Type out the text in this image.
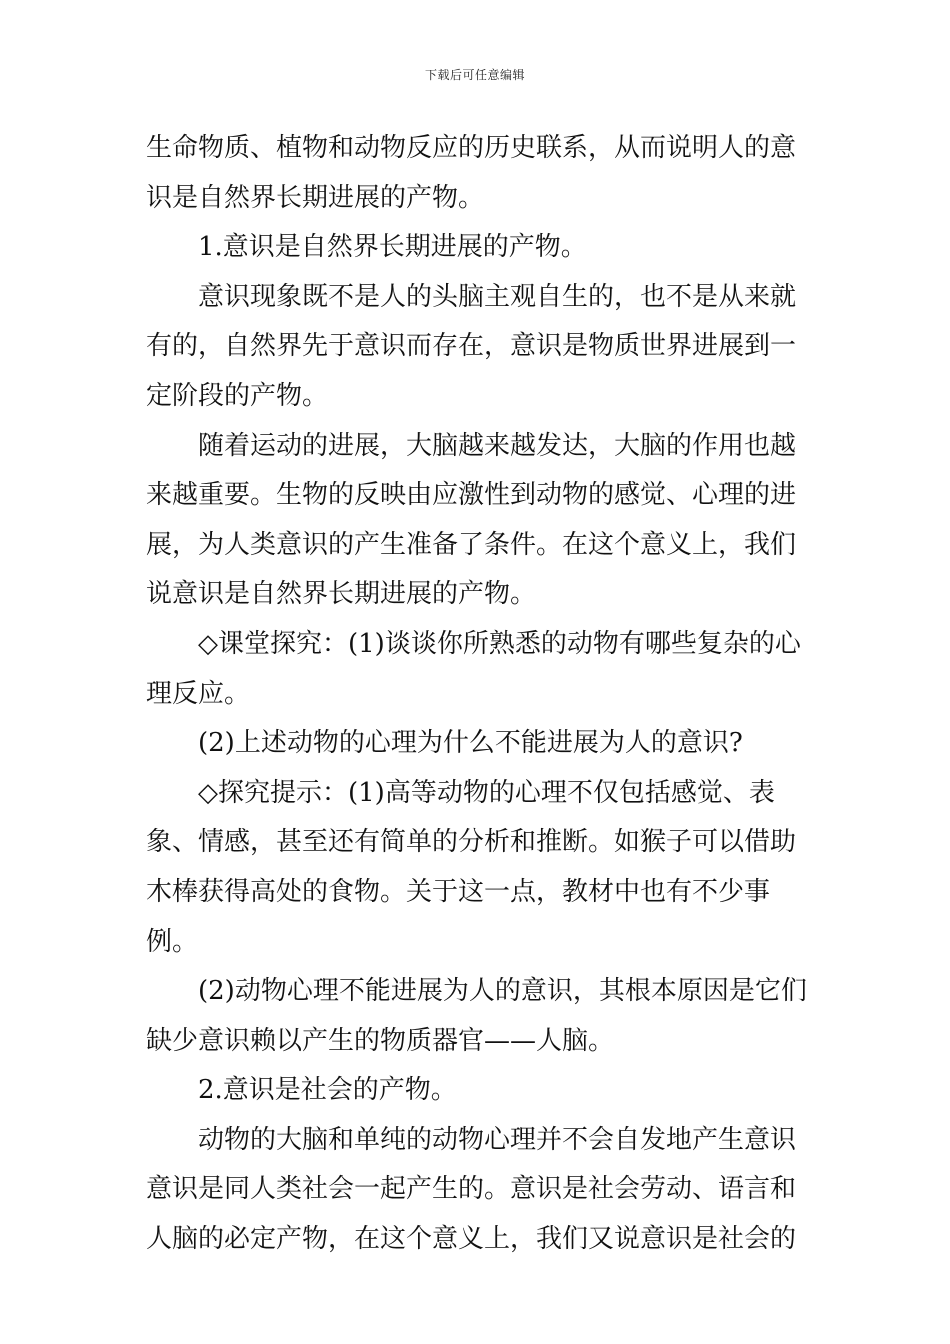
下载后可任意编辑

生命物质、植物和动物反应的历史联系，从而说明人的意识是自然界长期进展的产物。

1.意识是自然界长期进展的产物。

意识现象既不是人的头脑主观自生的，也不是从来就有的，自然界先于意识而存在，意识是物质世界进展到一定阶段的产物。

随着运动的进展，大脑越来越发达，大脑的作用也越来越重要。生物的反映由应激性到动物的感觉、心理的进展，为人类意识的产生准备了条件。在这个意义上，我们说意识是自然界长期进展的产物。

◇课堂探究：(1)谈谈你所熟悉的动物有哪些复杂的心理反应。

(2)上述动物的心理为什么不能进展为人的意识?

◇探究提示：(1)高等动物的心理不仅包括感觉、表象、情感，甚至还有简单的分析和推断。如猴子可以借助木棒获得高处的食物。关于这一点，教材中也有不少事例。

(2)动物心理不能进展为人的意识，其根本原因是它们缺少意识赖以产生的物质器官——人脑。

2.意识是社会的产物。

动物的大脑和单纯的动物心理并不会自发地产生意识意识是同人类社会一起产生的。意识是社会劳动、语言和人脑的必定产物，在这个意义上，我们又说意识是社会的
